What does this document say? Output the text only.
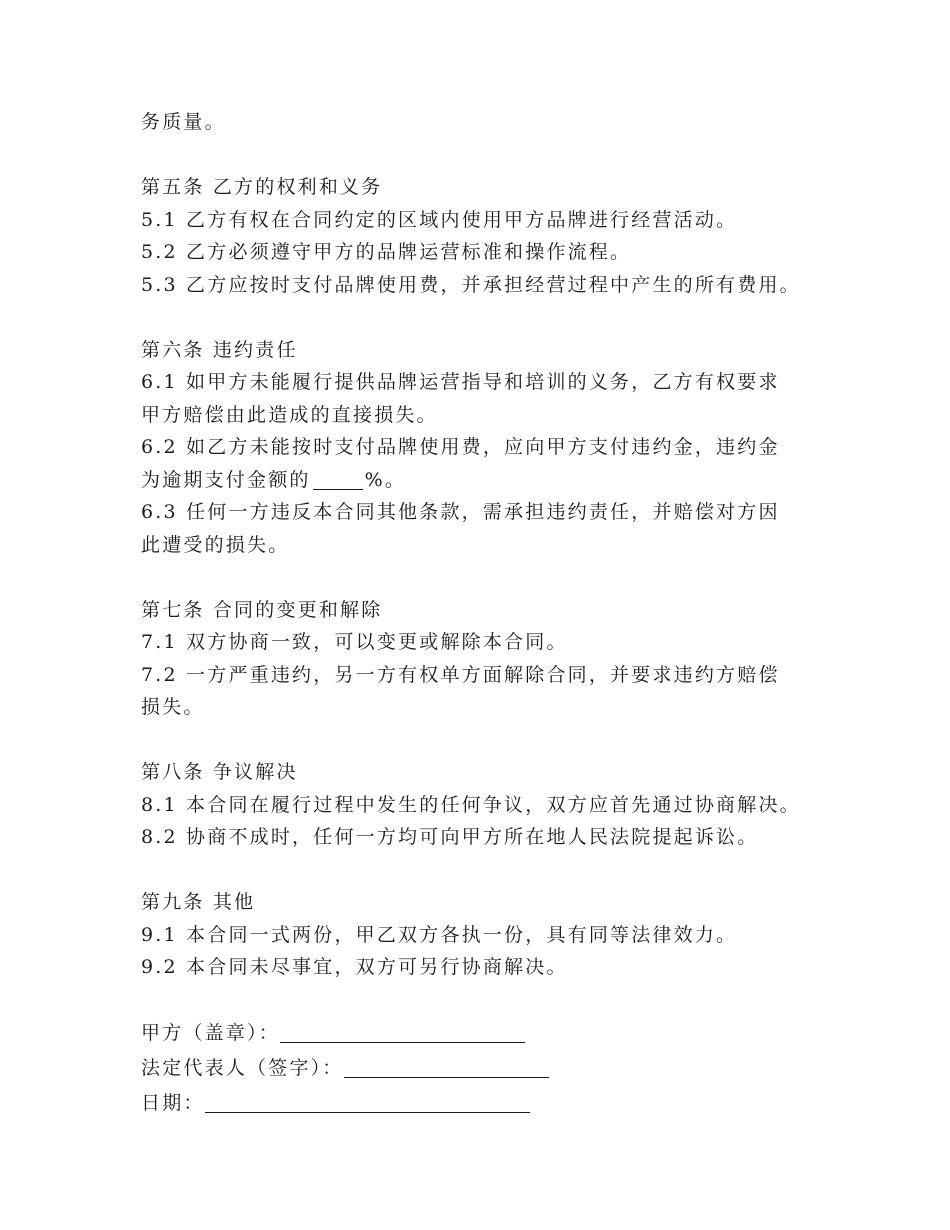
务质量。
第五条 乙方的权利和义务
5.1 乙方有权在合同约定的区域内使用甲方品牌进行经营活动。
5.2 乙方必须遵守甲方的品牌运营标准和操作流程。
5.3 乙方应按时支付品牌使用费，并承担经营过程中产生的所有费用。
第六条 违约责任
6.1 如甲方未能履行提供品牌运营指导和培训的义务，乙方有权要求
甲方赔偿由此造成的直接损失。
6.2 如乙方未能按时支付品牌使用费，应向甲方支付违约金，违约金
为逾期支付金额的	%。
6.3 任何一方违反本合同其他条款，需承担违约责任，并赔偿对方因
此遭受的损失。
第七条 合同的变更和解除
7.1 双方协商一致，可以变更或解除本合同。
7.2 一方严重违约，另一方有权单方面解除合同，并要求违约方赔偿
损失。
第八条 争议解决
8.1 本合同在履行过程中发生的任何争议，双方应首先通过协商解决。
8.2 协商不成时，任何一方均可向甲方所在地人民法院提起诉讼。
第九条 其他
9.1 本合同一式两份，甲乙双方各执一份，具有同等法律效力。
9.2 本合同未尽事宜，双方可另行协商解决。
甲方（盖章）：
法定代表人（签字）：
日期：
